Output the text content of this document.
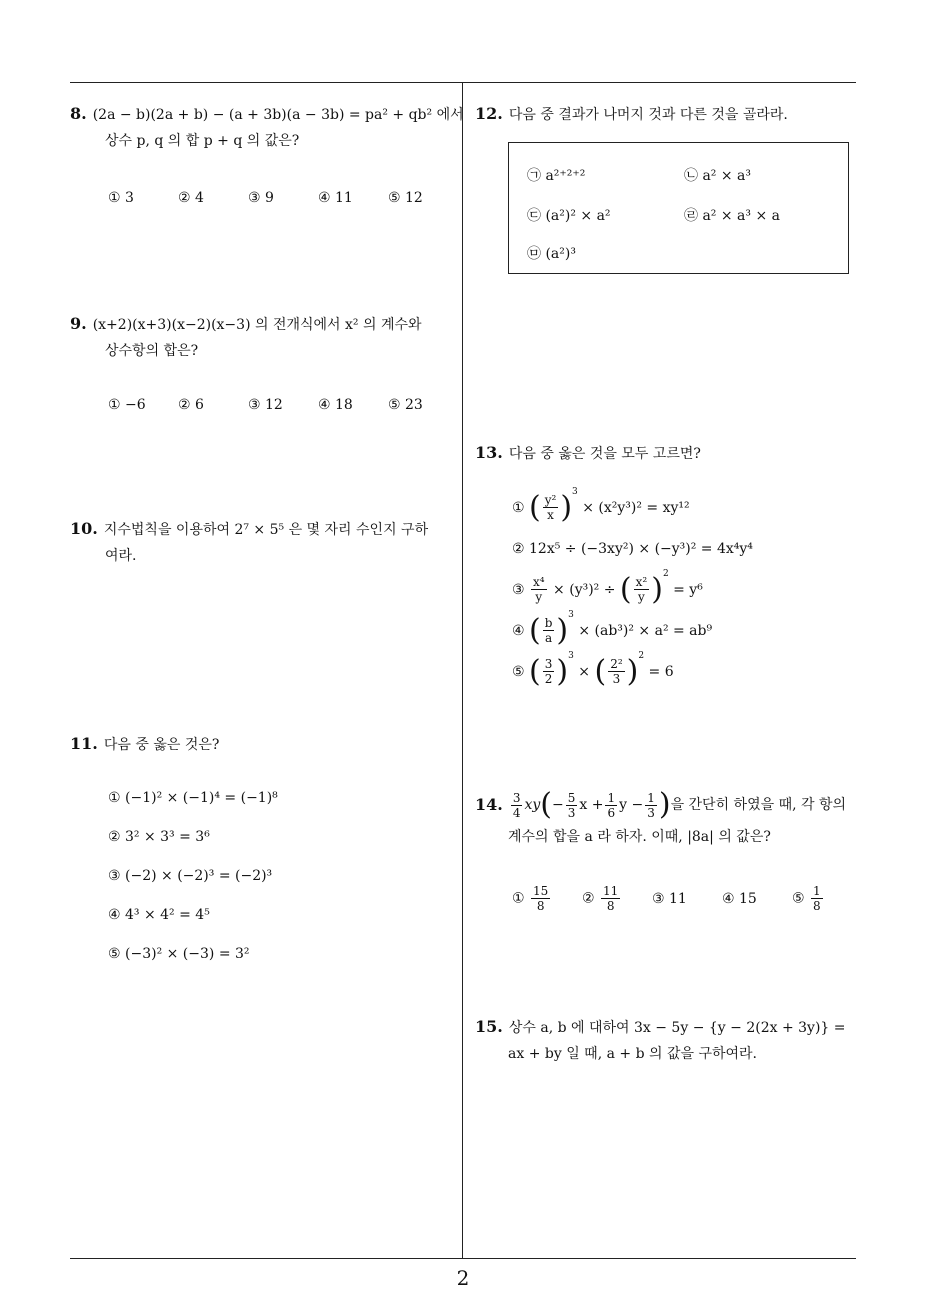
8. (2a − b)(2a + b) − (a + 3b)(a − 3b) = pa² + qb² 에서
상수 p, q 의 합 p + q 의 값은?
① 3	② 4	③ 9	④ 11	⑤ 12
9. (x+2)(x+3)(x−2)(x−3) 의 전개식에서 x² 의 계수와
상수항의 합은?
① −6	② 6	③ 12	④ 18	⑤ 23
10. 지수법칙을 이용하여 2⁷ × 5⁵ 은 몇 자리 수인지 구하
여라.
11. 다음 중 옳은 것은?
① (−1)² × (−1)⁴ = (−1)⁸
② 3² × 3³ = 3⁶
③ (−2) × (−2)³ = (−2)³
④ 4³ × 4² = 4⁵
⑤ (−3)² × (−3) = 3²
12. 다음 중 결과가 나머지 것과 다른 것을 골라라.
㉠ a²⁺²⁺²	㉡ a² × a³
㉢ (a²)² × a²	㉣ a² × a³ × a
㉤ (a²)³
13. 다음 중 옳은 것을 모두 고르면?
①
( $\frac{\text{y²}}{x} )^3$

× (x²y³)² = xy¹²
② 12x⁵ ÷ (−3xy²) × (−y³)² = 4x⁴y⁴
③
$\frac{\text{x⁴}}{y}$
× (y³)² ÷
( $\frac{\text{x²}}{y} )^2$

= y⁶
④
( $\frac{b}{a} )^3$

× (ab³)² × a² = ab⁹
⑤
( $\frac{3}{2} )^3$

×
( $\frac{\text{2²}}{3} )^2$

= 6
14. $\frac{3}{4}$ xy ( − $\frac{5}{3}$ $x + \frac{1}{6}$ $y - \frac{1}{3}$ ) 을 간단히 하였을 때, 각 항의
계수의 합을 a 라 하자. 이때, |8a| 의 값은?
① $\frac{15}{8}$ ② $\frac{11}{8}$ ③ 11	④ 15	⑤ $\frac{1}{8}$
15. 상수 a, b 에 대하여 3x − 5y − {y − 2(2x + 3y)} =
ax + by 일 때, a + b 의 값을 구하여라.
2
